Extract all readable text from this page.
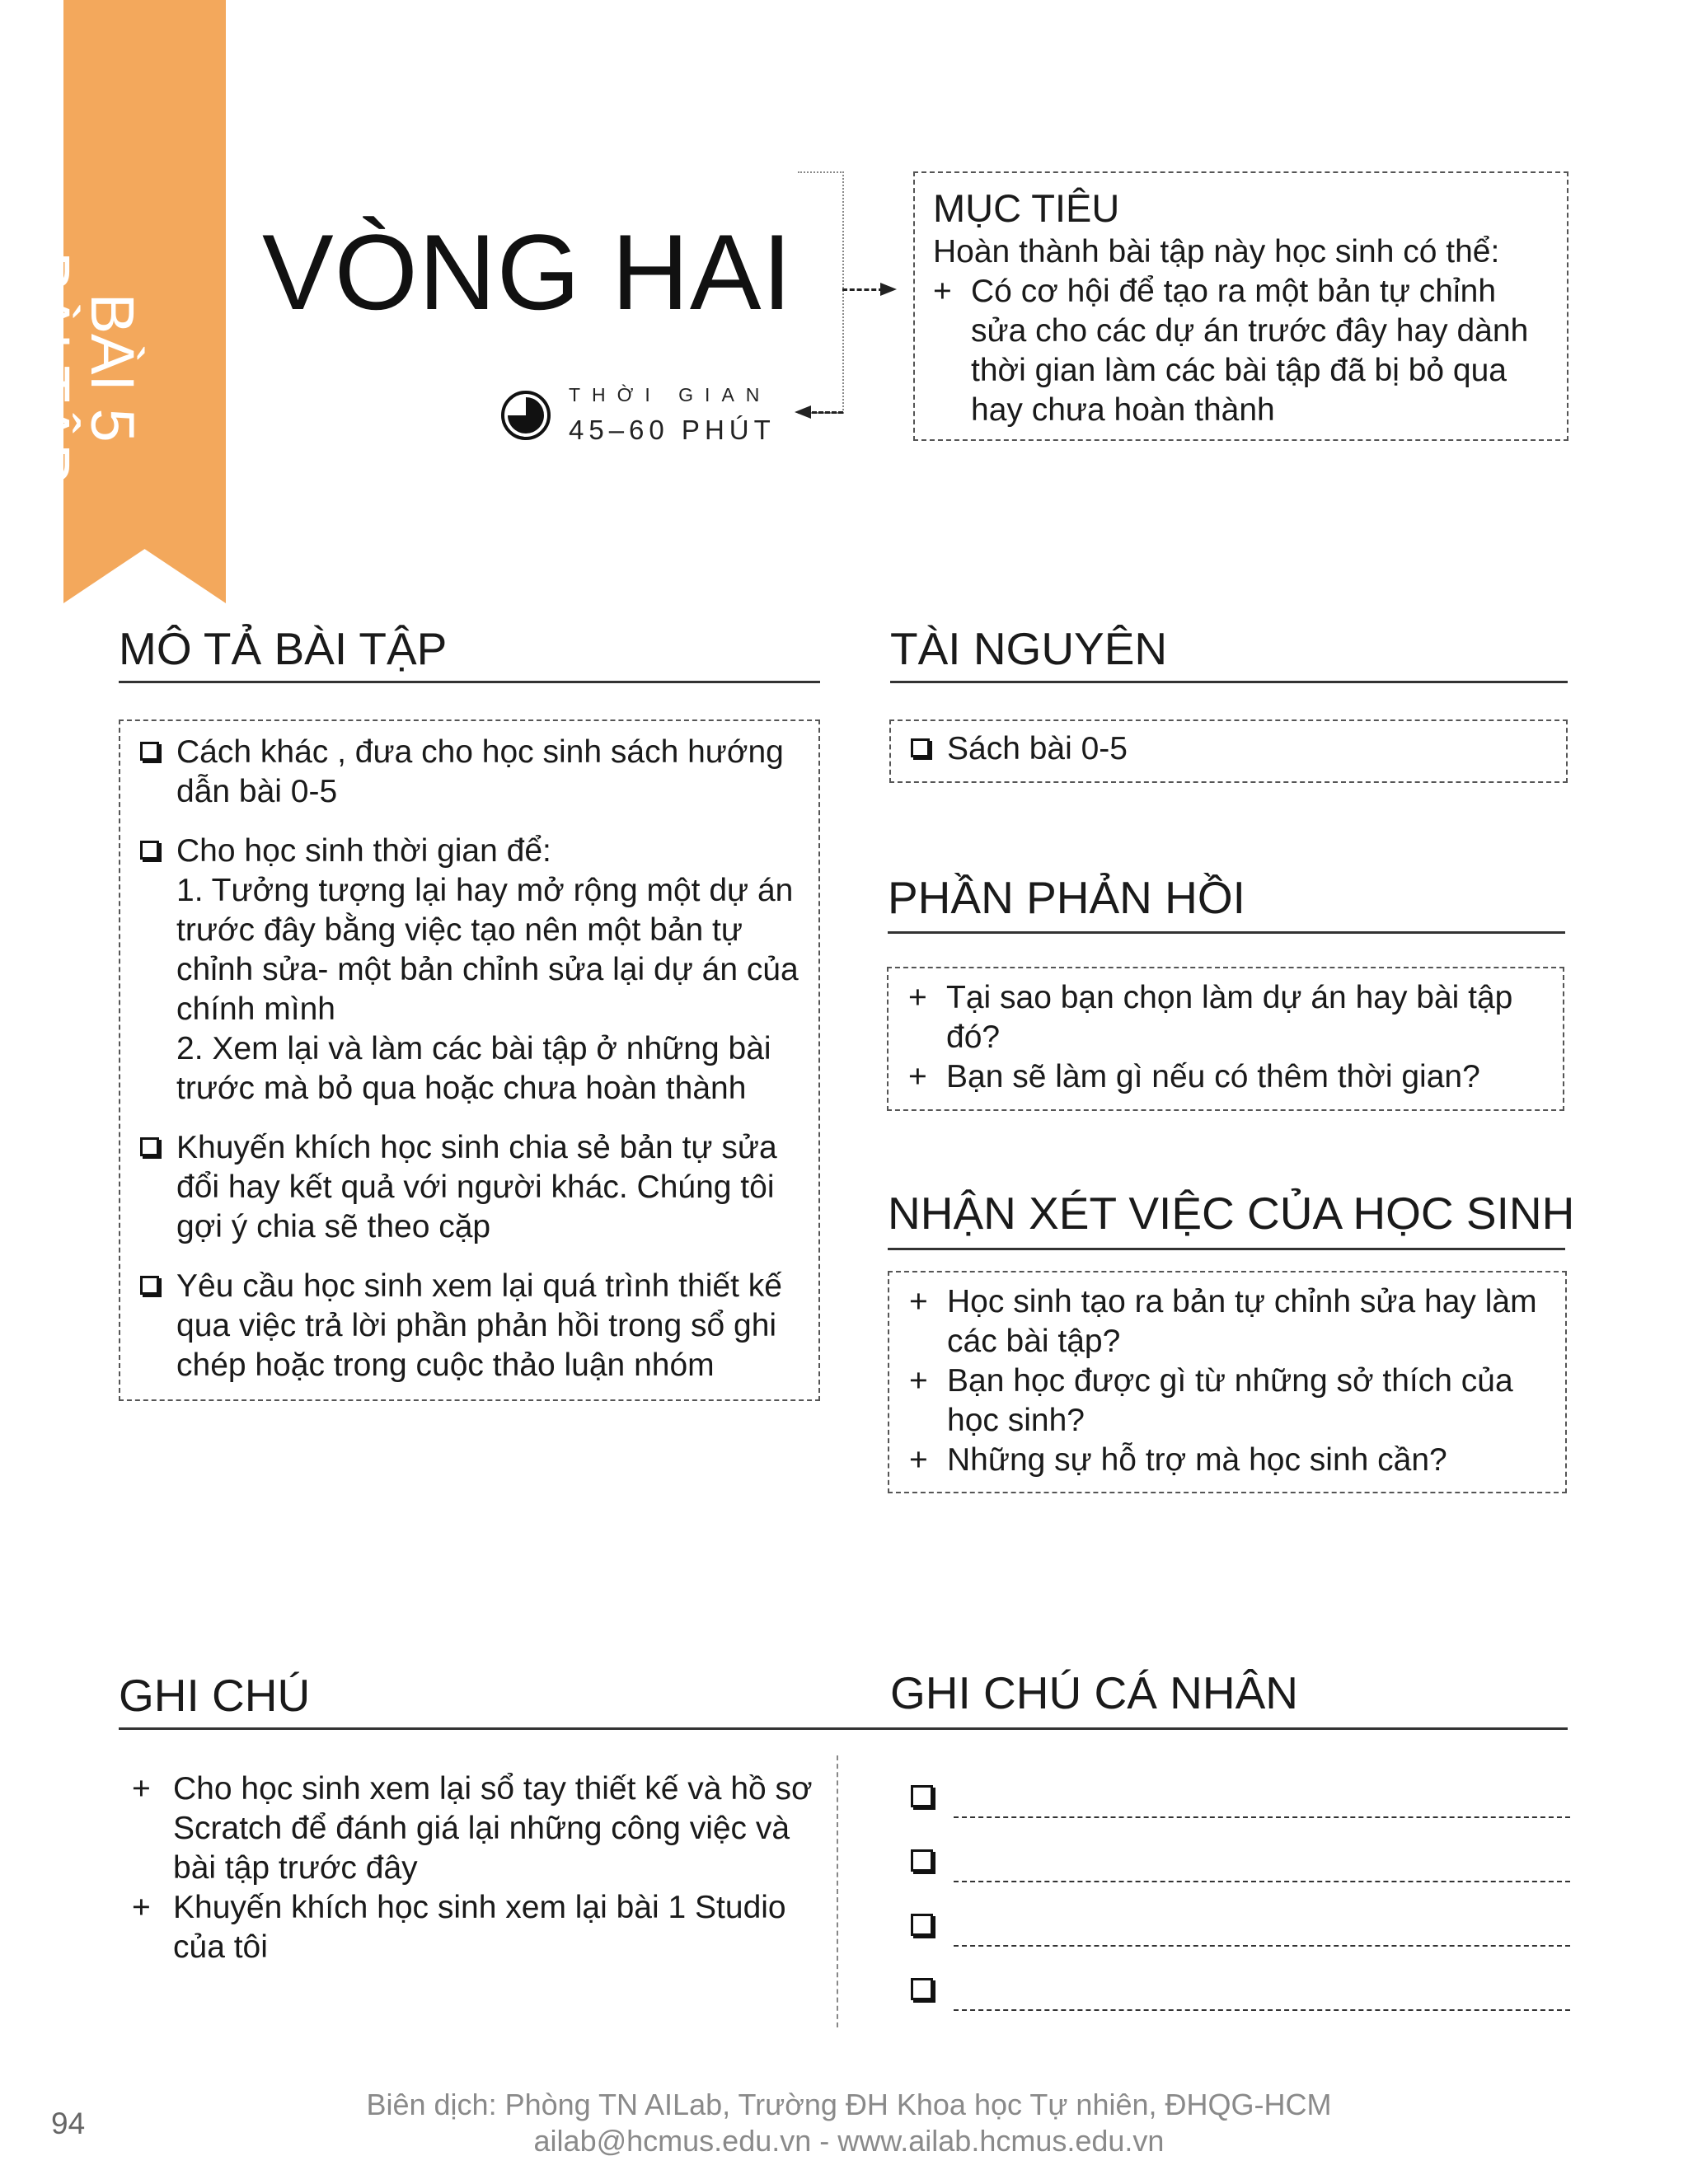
BÀI 5
BÀI TẬP VÒNG HAI
THỜI GIAN
45–60 PHÚT
MỤC TIÊU
Hoàn thành bài tập này học sinh có thể:
+ Có cơ hội để tạo ra một bản tự chỉnh sửa cho các dự án trước đây hay dành thời gian làm các bài tập đã bị bỏ qua hay chưa hoàn thành
MÔ TẢ BÀI TẬP
Cách khác , đưa cho học sinh sách hướng dẫn bài 0-5
Cho học sinh thời gian để:
1. Tưởng tượng lại hay mở rộng một dự án trước đây bằng việc tạo nên một bản tự chỉnh sửa- một bản chỉnh sửa lại dự án của chính mình
2. Xem lại và làm các bài tập ở những bài trước mà bỏ qua hoặc chưa hoàn thành
Khuyến khích học sinh chia sẻ bản tự sửa đổi hay kết quả với người khác. Chúng tôi gợi ý chia sẽ theo cặp
Yêu cầu học sinh xem lại quá trình thiết kế qua việc trả lời phần phản hồi trong sổ ghi chép hoặc trong cuộc thảo luận nhóm
TÀI NGUYÊN
Sách bài 0-5
PHẦN PHẢN HỒI
+ Tại sao bạn chọn làm dự án hay bài tập đó?
+ Bạn sẽ làm gì nếu có thêm thời gian?
NHẬN XÉT VIỆC CỦA HỌC SINH
+ Học sinh tạo ra bản tự chỉnh sửa hay làm các bài tập?
+ Bạn học được gì từ những sở thích của học sinh?
+ Những sự hỗ trợ mà học sinh cần?
GHI CHÚ	GHI CHÚ CÁ NHÂN
+ Cho học sinh xem lại sổ tay thiết kế và hồ sơ Scratch để đánh giá lại những công việc và bài tập trước đây
+ Khuyến khích học sinh xem lại bài 1 Studio của tôi
94
Biên dịch: Phòng TN AILab, Trường ĐH Khoa học Tự nhiên, ĐHQG-HCM
ailab@hcmus.edu.vn - www.ailab.hcmus.edu.vn
